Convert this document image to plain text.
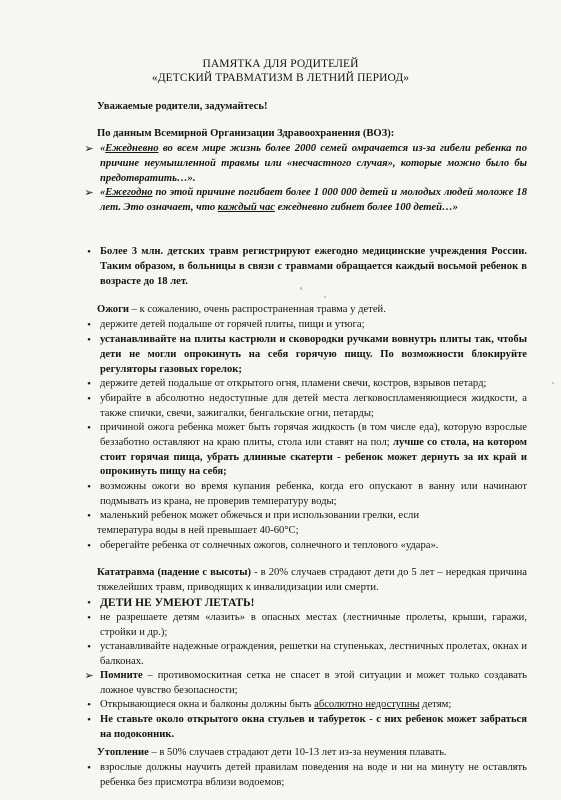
ПАМЯТКА ДЛЯ РОДИТЕЛЕЙ
«ДЕТСКИЙ ТРАВМАТИЗМ В ЛЕТНИЙ ПЕРИОД»
Уважаемые родители, задумайтесь!
По данным Всемирной Организации Здравоохранения (ВОЗ):
➢ «Ежедневно во всем мире жизнь более 2000 семей омрачается из-за гибели ребенка по причине неумышленной травмы или «несчастного случая», которые можно было бы предотвратить…».
➢ «Ежегодно по этой причине погибает более 1 000 000 детей и молодых людей моложе 18 лет. Это означает, что каждый час ежедневно гибнет более 100 детей…»
• Более 3 млн. детских травм регистрируют ежегодно медицинские учреждения России. Таким образом, в больницы в связи с травмами обращается каждый восьмой ребенок в возрасте до 18 лет.
Ожоги – к сожалению, очень распространенная травма у детей.
• держите детей подальше от горячей плиты, пищи и утюга;
• устанавливайте на плиты кастрюли и сковородки ручками вовнутрь плиты так, чтобы дети не могли опрокинуть на себя горячую пищу. По возможности блокируйте регуляторы газовых горелок;
• держите детей подальше от открытого огня, пламени свечи, костров, взрывов петард;
• убирайте в абсолютно недоступные для детей места легковоспламеняющиеся жидкости, а также спички, свечи, зажигалки, бенгальские огни, петарды;
• причиной ожога ребенка может быть горячая жидкость (в том числе еда), которую взрослые беззаботно оставляют на краю плиты, стола или ставят на пол; лучше со стола, на котором стоит горячая пища, убрать длинные скатерти - ребенок может дернуть за их край и опрокинуть пищу на себя;
• возможны ожоги во время купания ребенка, когда его опускают в ванну или начинают подмывать из крана, не проверив температуру воды;
• маленький ребенок может обжечься и при использовании грелки, если
температура воды в ней превышает 40-60°С;
• оберегайте ребенка от солнечных ожогов, солнечного и теплового «удара».
Кататравма (падение с высоты) - в 20% случаев страдают дети до 5 лет – нередкая причина тяжелейших травм, приводящих к инвалидизации или смерти.
• ДЕТИ НЕ УМЕЮТ ЛЕТАТЬ!
• не разрешаете детям «лазить» в опасных местах (лестничные пролеты, крыши, гаражи, стройки и др.);
• устанавливайте надежные ограждения, решетки на ступеньках, лестничных пролетах, окнах и балконах.
➢ Помните – противомоскитная сетка не спасет в этой ситуации и может только создавать ложное чувство безопасности;
• Открывающиеся окна и балконы должны быть абсолютно недоступны детям;
• Не ставьте около открытого окна стульев и табуреток - с них ребенок может забраться на подоконник.
Утопление – в 50% случаев страдают дети 10-13 лет из-за неумения плавать.
• взрослые должны научить детей правилам поведения на воде и ни на минуту не оставлять ребенка без присмотра вблизи водоемов;
